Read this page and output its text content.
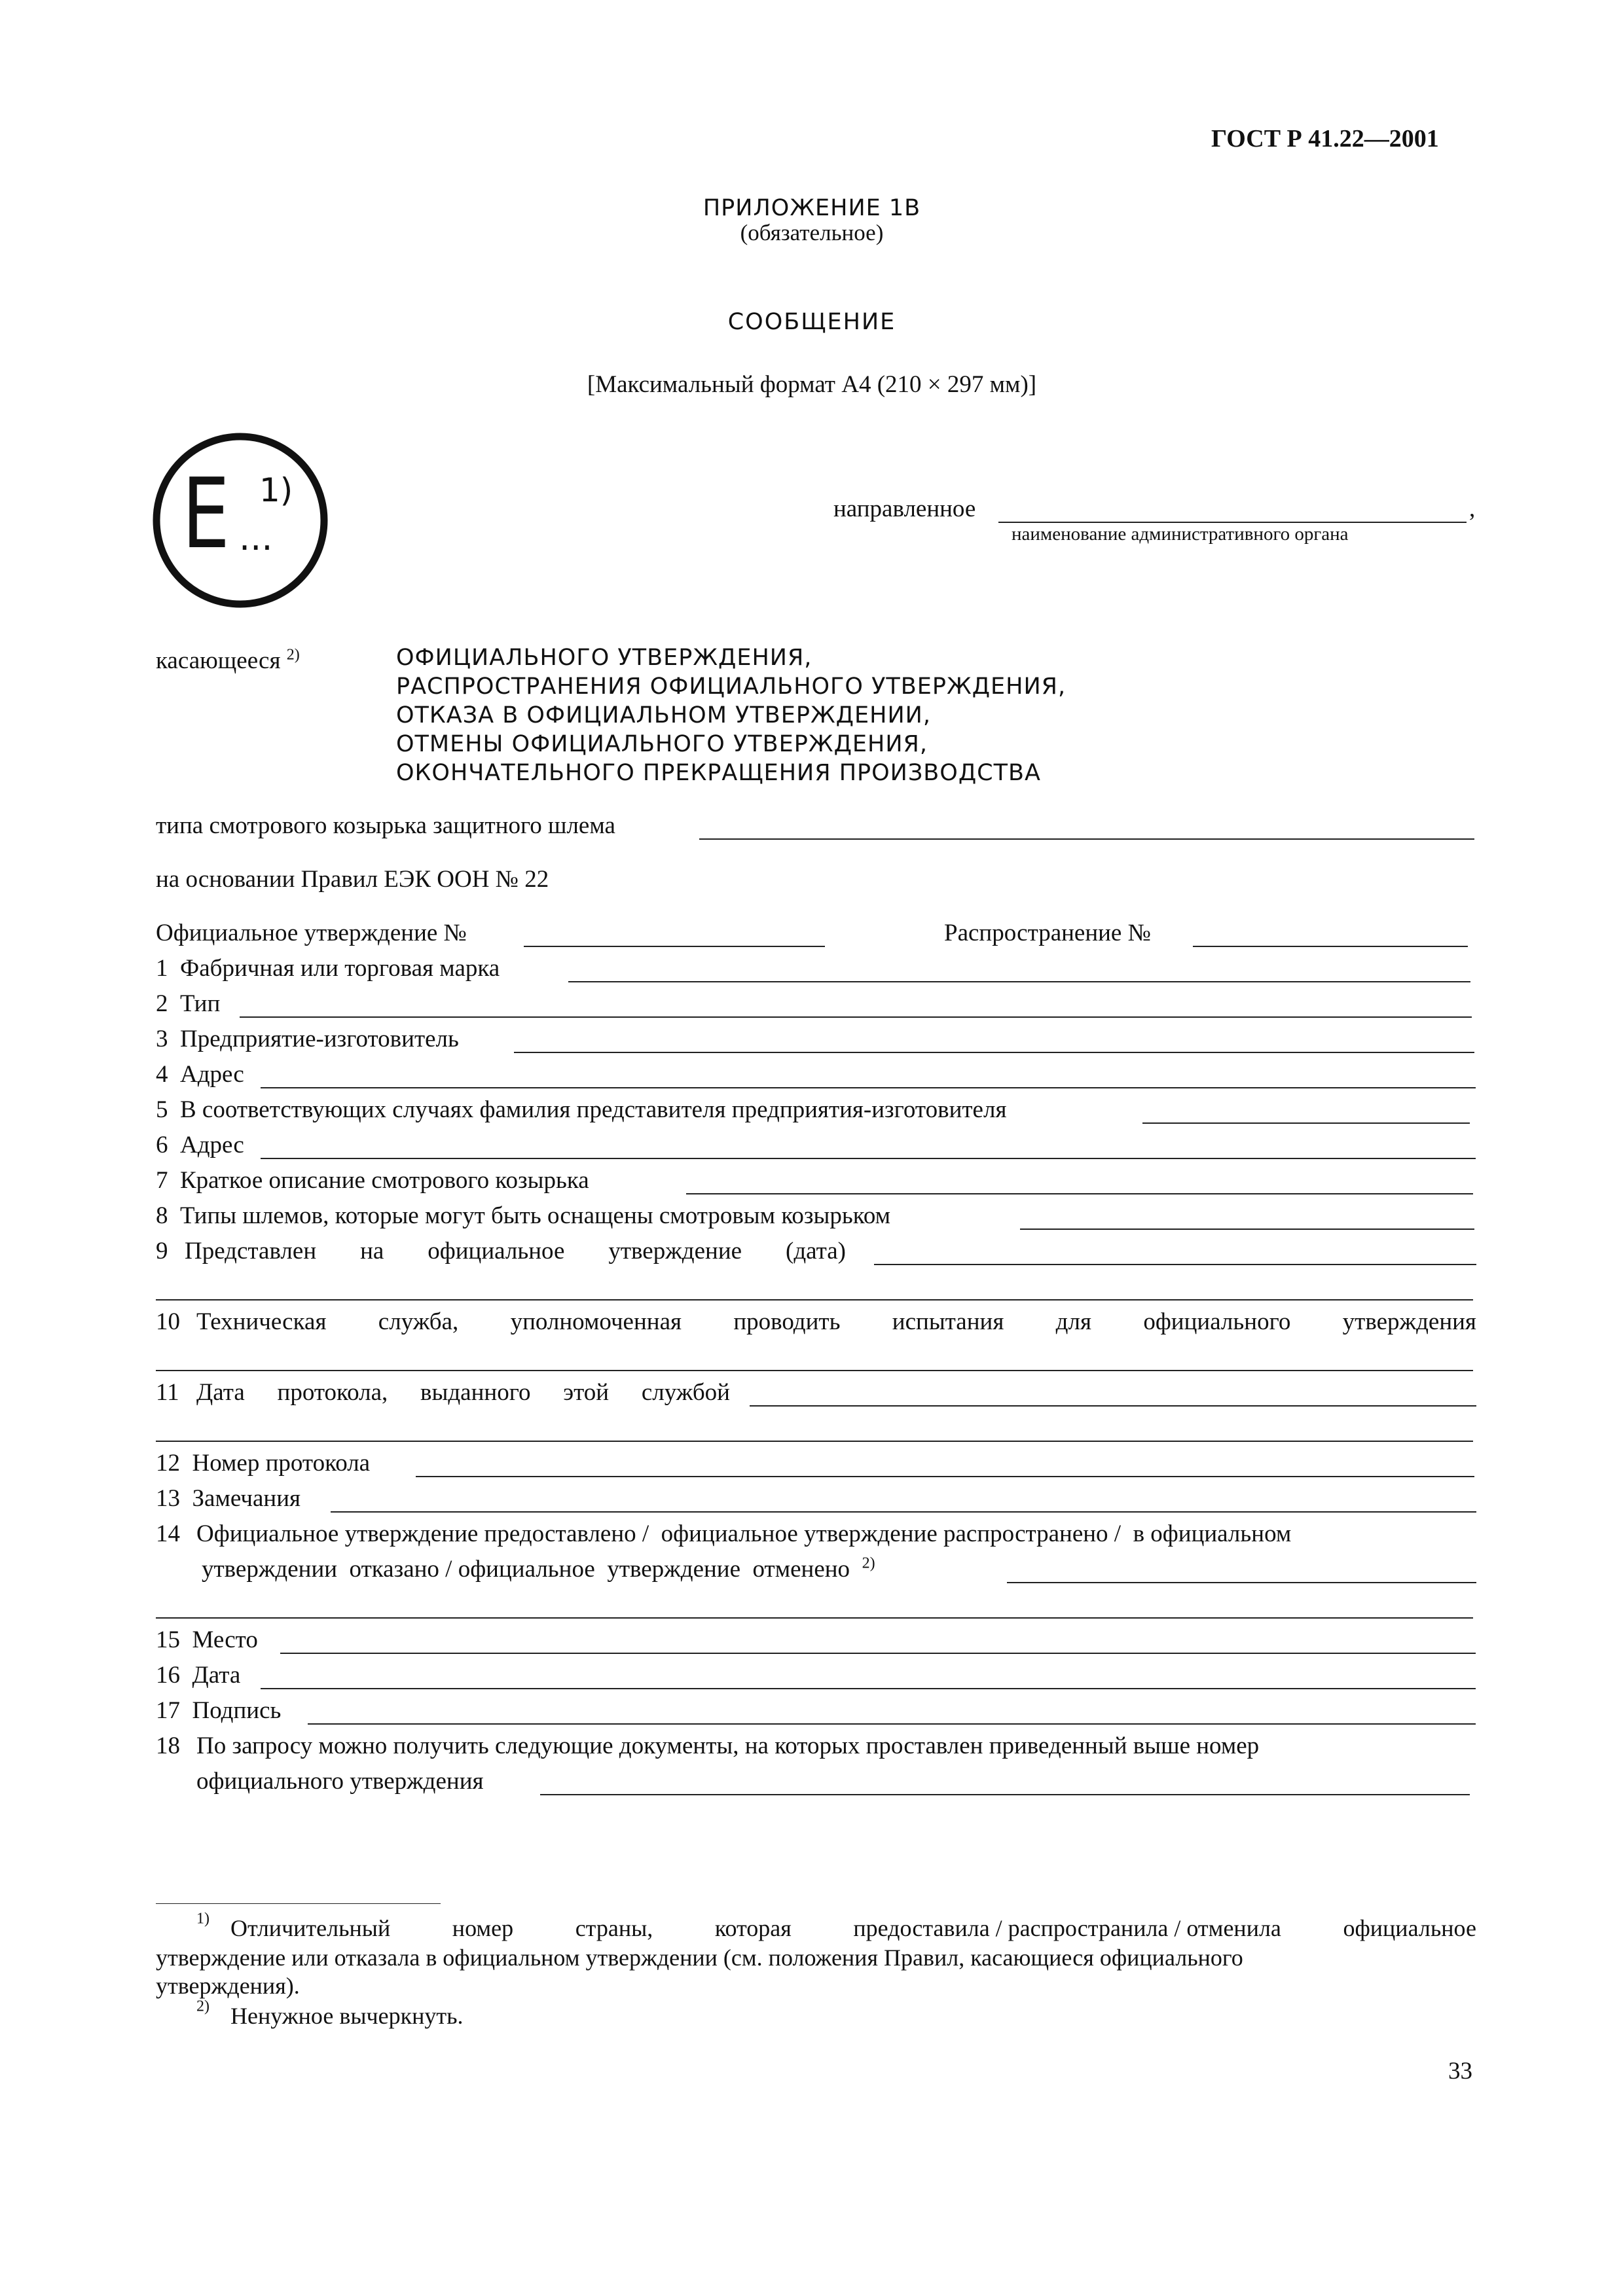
ГОСТ Р 41.22—2001
ПРИЛОЖЕНИЕ 1В
(обязательное)
СООБЩЕНИЕ
[Максимальный формат А4 (210 × 297 мм)]
E ...
1)	направленное	,
наименование административного органа
касающееся $^{2)}$	ОФИЦИАЛЬНОГО УТВЕРЖДЕНИЯ,
РАСПРОСТРАНЕНИЯ ОФИЦИАЛЬНОГО УТВЕРЖДЕНИЯ,
ОТКАЗА В ОФИЦИАЛЬНОМ УТВЕРЖДЕНИИ,
ОТМЕНЫ ОФИЦИАЛЬНОГО УТВЕРЖДЕНИЯ,
ОКОНЧАТЕЛЬНОГО ПРЕКРАЩЕНИЯ ПРОИЗВОДСТВА
типа смотрового козырька защитного шлема
на основании Правил ЕЭК ООН № 22
Официальное утверждение №	Распространение №
1 Фабричная или торговая марка
2 Тип
3 Предприятие-изготовитель
4 Адрес
5 В соответствующих случаях фамилия представителя предприятия-изготовителя
6 Адрес
7 Краткое описание смотрового козырька
8 Типы шлемов, которые могут быть оснащены смотровым козырьком
9 Представлен на официальное утверждение (дата)
10 Техническая служба, уполномоченная проводить испытания для официального утверждения
11 Дата протокола, выданного этой службой
12 Номер протокола
13 Замечания
14 Официальное утверждение предоставлено /  официальное утверждение распространено /  в официальном
утверждении  отказано / официальное  утверждение  отменено $^{2)}$
15 Место
16 Дата
17 Подпись
18 По запросу можно получить следующие документы, на которых проставлен приведенный выше номер
официального утверждения
$^{1)}$ Отличительный	номер	страны,	которая	предоставила / распространила / отменила	официальное
утверждение или отказала в официальном утверждении (см. положения Правил, касающиеся официального
утверждения).
$^{2)}$ Ненужное вычеркнуть.
33
